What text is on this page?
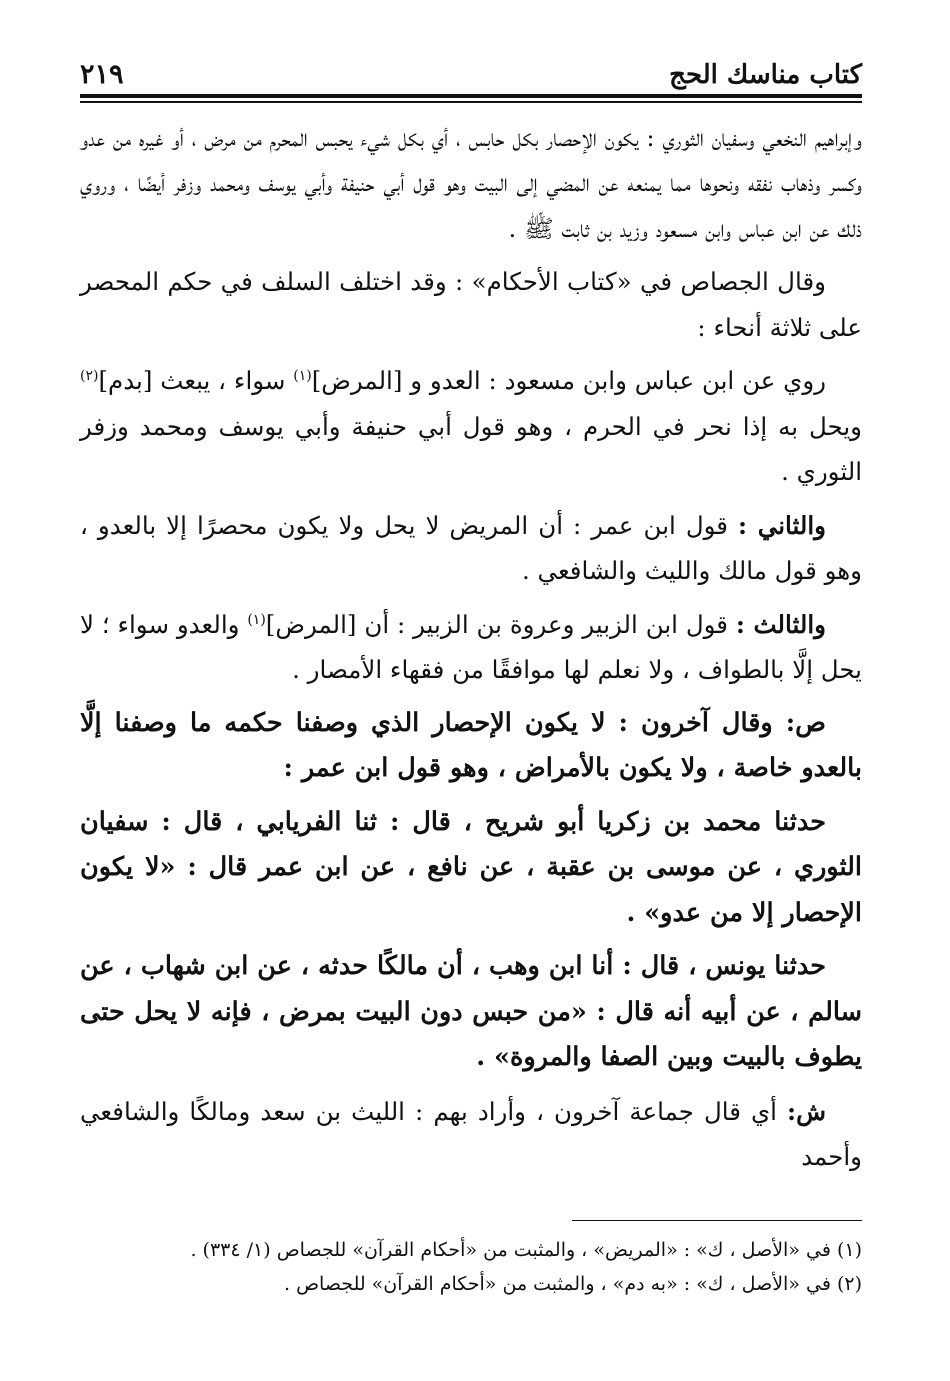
كتاب مناسك الحج
٢١٩

وإبراهيم النخعي وسفيان الثوري : يكون الإحصار بكل حابس ، أي بكل شيء يحبس المحرم من مرض ، أو غيره من عدو وكسر وذهاب نفقه ونحوها مما يمنعه عن المضي إلى البيت وهو قول أبي حنيفة وأبي يوسف ومحمد وزفر أيضًا ، وروي ذلك عن ابن عباس وابن مسعود وزيد بن ثابت ﷺ .

وقال الجصاص في «كتاب الأحكام» : وقد اختلف السلف في حكم المحصر على ثلاثة أنحاء :

روي عن ابن عباس وابن مسعود : العدو و [المرض]$^{(١)}$ سواء ، يبعث [بدم]$^{(٢)}$ ويحل به إذا نحر في الحرم ، وهو قول أبي حنيفة وأبي يوسف ومحمد وزفر الثوري .

والثاني : قول ابن عمر : أن المريض لا يحل ولا يكون محصرًا إلا بالعدو ، وهو قول مالك والليث والشافعي .

والثالث : قول ابن الزبير وعروة بن الزبير : أن [المرض]$^{(١)}$ والعدو سواء ؛ لا يحل إلَّا بالطواف ، ولا نعلم لها موافقًا من فقهاء الأمصار .

ص: وقال آخرون : لا يكون الإحصار الذي وصفنا حكمه ما وصفنا إلَّا بالعدو خاصة ، ولا يكون بالأمراض ، وهو قول ابن عمر :

حدثنا محمد بن زكريا أبو شريح ، قال : ثنا الفريابي ، قال : سفيان الثوري ، عن موسى بن عقبة ، عن نافع ، عن ابن عمر قال : «لا يكون الإحصار إلا من عدو» .

حدثنا يونس ، قال : أنا ابن وهب ، أن مالكًا حدثه ، عن ابن شهاب ، عن سالم ، عن أبيه أنه قال : «من حبس دون البيت بمرض ، فإنه لا يحل حتى يطوف بالبيت وبين الصفا والمروة» .

ش: أي قال جماعة آخرون ، وأراد بهم : الليث بن سعد ومالكًا والشافعي وأحمد

(١) في «الأصل ، ك» : «المريض» ، والمثبت من «أحكام القرآن» للجصاص (١/ ٣٣٤) .

(٢) في «الأصل ، ك» : «به دم» ، والمثبت من «أحكام القرآن» للجصاص .
